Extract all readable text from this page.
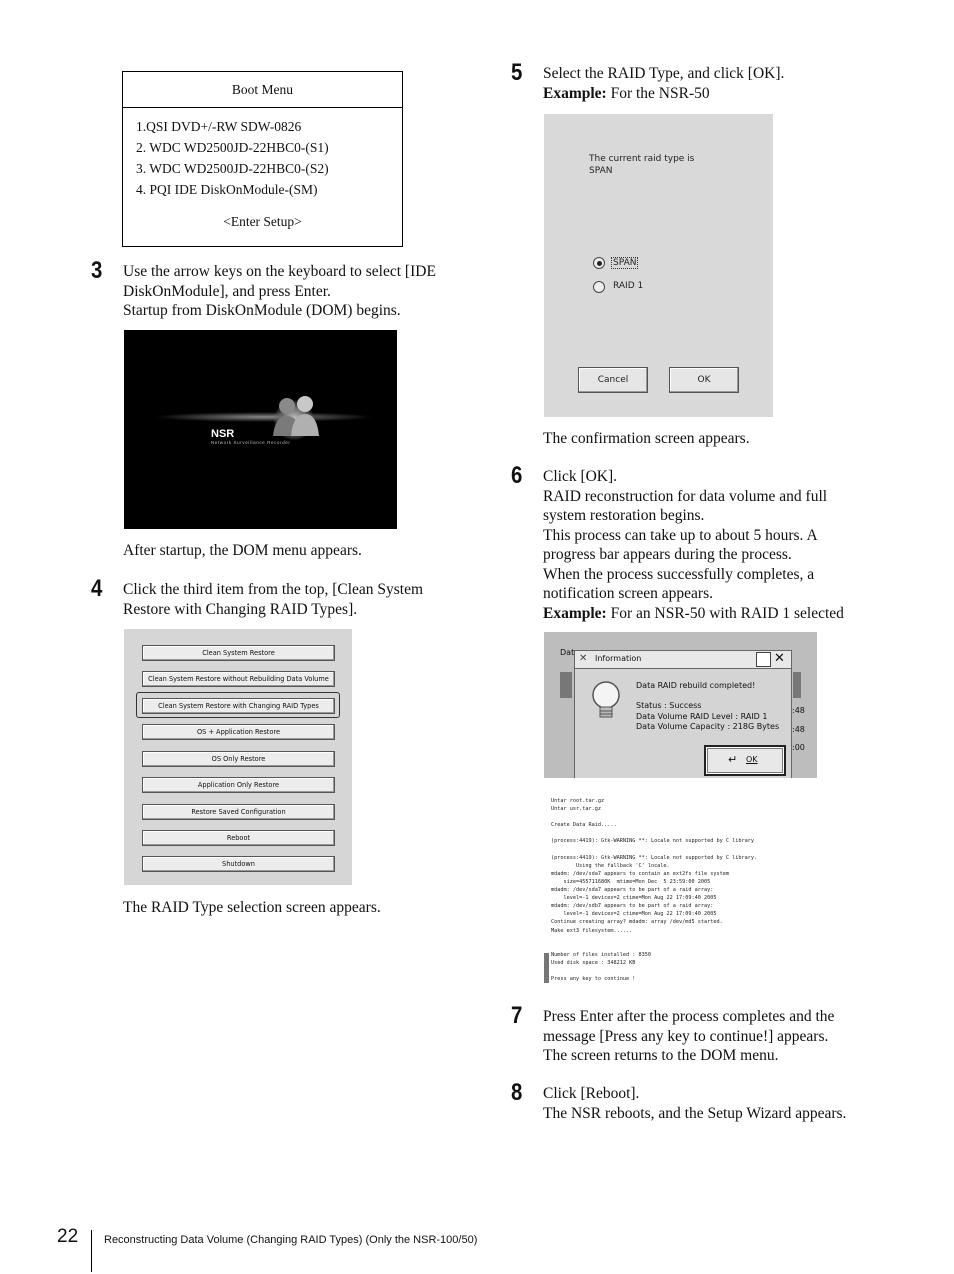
Boot Menu
1.QSI DVD+/-RW SDW-0826
2. WDC WD2500JD-22HBC0-(S1)
3. WDC WD2500JD-22HBC0-(S2)
4. PQI IDE DiskOnModule-(SM)
<Enter Setup>
3 Use the arrow keys on the keyboard to select [IDE
DiskOnModule], and press Enter.
Startup from DiskOnModule (DOM) begins.
NSR
Network Surveillance Recorder
After startup, the DOM menu appears.
4 Click the third item from the top, [Clean System
Restore with Changing RAID Types].
Clean System Restore
Clean System Restore without Rebuilding Data Volume
Clean System Restore with Changing RAID Types
OS + Application Restore
OS Only Restore
Application Only Restore
Restore Saved Configuration
Reboot
Shutdown
The RAID Type selection screen appears.
5 Select the RAID Type, and click [OK].
Example: For the NSR-50
The current raid type is
SPAN
SPAN
RAID 1
Cancel	OK
The confirmation screen appears.
6 Click [OK].
RAID reconstruction for data volume and full
system restoration begins.
This process can take up to about 5 hours. A
progress bar appears during the process.
When the process successfully completes, a
notification screen appears.
Example: For an NSR-50 with RAID 1 selected
Dat
:48
:48
:00
✕ Information	✕
Data RAID rebuild completed!
Status : Success
Data Volume RAID Level : RAID 1
Data Volume Capacity : 218G Bytes
↵ OK
Untar root.tar.gz
Untar usr.tar.gz
Create Data Raid.....
(process:4419): Gtk-WARNING **: Locale not supported by C library
(process:4419): Gtk-WARNING **: Locale not supported by C library.
Using the fallback 'C' locale.
mdadm: /dev/sda7 appears to contain an ext2fs file system
size=455711680K  mtime=Mon Dec  5 23:59:00 2005
mdadm: /dev/sda7 appears to be part of a raid array:
level=-1 devices=2 ctime=Mon Aug 22 17:09:40 2005
mdadm: /dev/sdb7 appears to be part of a raid array:
level=-1 devices=2 ctime=Mon Aug 22 17:09:40 2005
Continue creating array? mdadm: array /dev/md5 started.
Make ext3 filesystem......
Number of files installed : 8350
Used disk space : 348212 KB
Press any key to continue !
7 Press Enter after the process completes and the
message [Press any key to continue!] appears.
The screen returns to the DOM menu.
8 Click [Reboot].
The NSR reboots, and the Setup Wizard appears.
22 Reconstructing Data Volume (Changing RAID Types) (Only the NSR-100/50)
